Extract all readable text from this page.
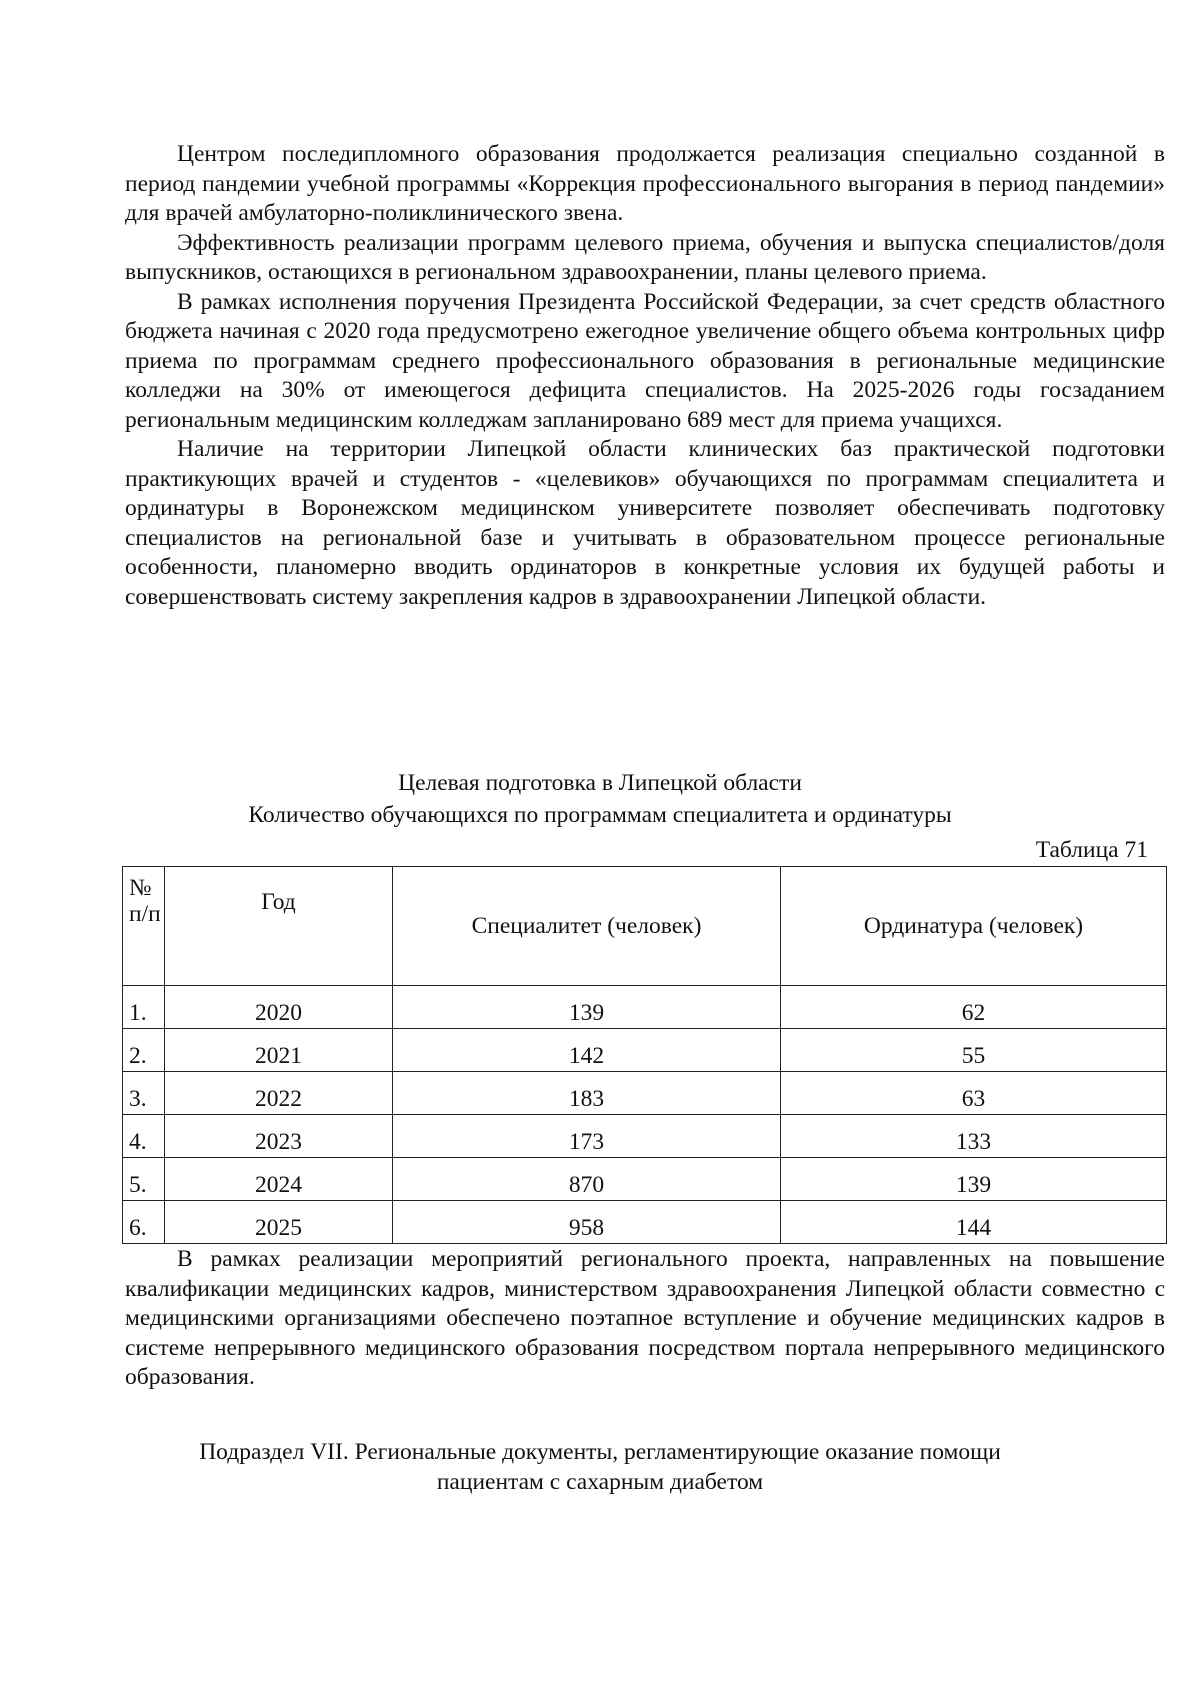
Центром последипломного образования продолжается реализация специально созданной в период пандемии учебной программы «Коррекция профессионального выгорания в период пандемии» для врачей амбулаторно-поликлинического звена.

Эффективность реализации программ целевого приема, обучения и выпуска специалистов/доля выпускников, остающихся в региональном здравоохранении, планы целевого приема.

В рамках исполнения поручения Президента Российской Федерации, за счет средств областного бюджета начиная с 2020 года предусмотрено ежегодное увеличение общего объема контрольных цифр приема по программам среднего профессионального образования в региональные медицинские колледжи на 30% от имеющегося дефицита специалистов. На 2025-2026 годы госзаданием региональным медицинским колледжам запланировано 689 мест для приема учащихся.

Наличие на территории Липецкой области клинических баз практической подготовки практикующих врачей и студентов - «целевиков» обучающихся по программам специалитета и ординатуры в Воронежском медицинском университете позволяет обеспечивать подготовку специалистов на региональной базе и учитывать в образовательном процессе региональные особенности, планомерно вводить ординаторов в конкретные условия их будущей работы и совершенствовать систему закрепления кадров в здравоохранении Липецкой области.

Целевая подготовка в Липецкой области
Количество обучающихся по программам специалитета и ординатуры
Таблица 71
№ п/п	Год	Специалитет (человек)	Ординатура (человек)
1.	2020	139	62
2.	2021	142	55
3.	2022	183	63
4.	2023	173	133
5.	2024	870	139
6.	2025	958	144

В рамках реализации мероприятий регионального проекта, направленных на повышение квалификации медицинских кадров, министерством здравоохранения Липецкой области совместно с медицинскими организациями обеспечено поэтапное вступление и обучение медицинских кадров в системе непрерывного медицинского образования посредством портала непрерывного медицинского образования.

Подраздел VII. Региональные документы, регламентирующие оказание помощи
пациентам с сахарным диабетом
